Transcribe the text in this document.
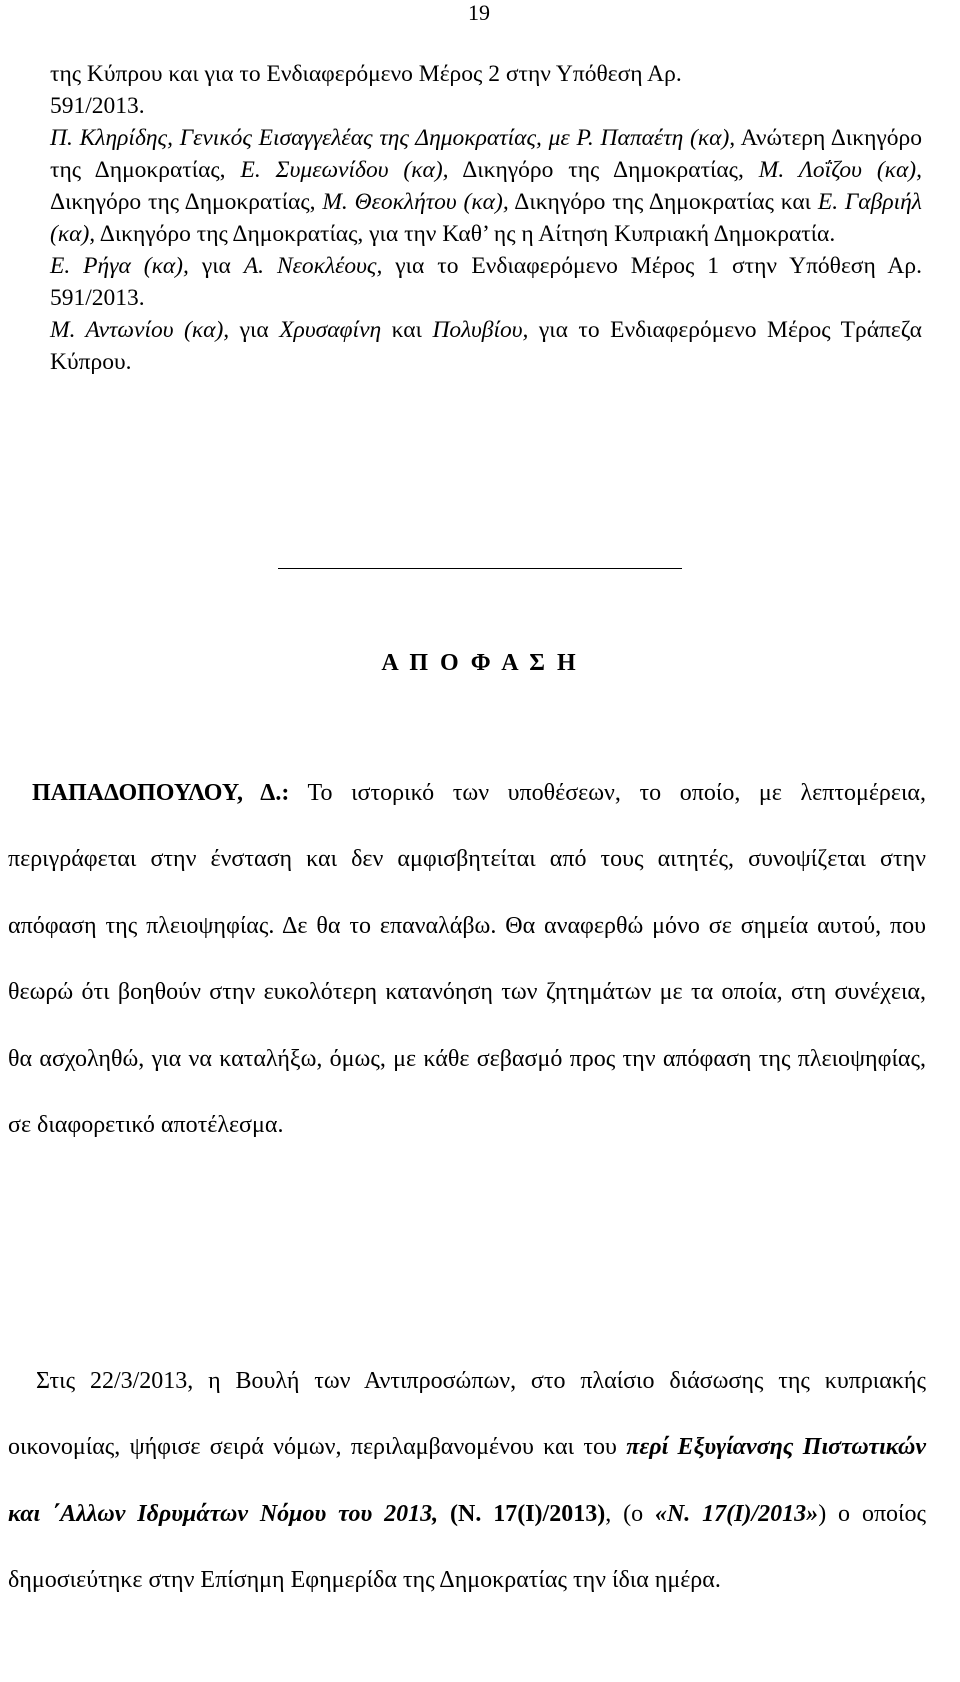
19

της Κύπρου και για το Ενδιαφερόμενο Μέρος 2 στην Υπόθεση Αρ.
591/2013.

Π. Κληρίδης, Γενικός Εισαγγελέας της Δημοκρατίας, με Ρ. Παπαέτη (κα), Ανώτερη Δικηγόρο της Δημοκρατίας, Ε. Συμεωνίδου (κα), Δικηγόρο της Δημοκρατίας, Μ. Λοΐζου (κα), Δικηγόρο της Δημοκρατίας, Μ. Θεοκλήτου (κα), Δικηγόρο της Δημοκρατίας και Ε. Γαβριήλ (κα), Δικηγόρο της Δημοκρατίας, για την Καθ’ ης η Αίτηση Κυπριακή Δημοκρατία.

Ε. Ρήγα (κα), για Α. Νεοκλέους, για το Ενδιαφερόμενο Μέρος 1 στην Υπόθεση Αρ. 591/2013.

Μ. Αντωνίου (κα), για Χρυσαφίνη και Πολυβίου, για το Ενδιαφερόμενο Μέρος Τράπεζα Κύπρου.

Α Π Ο Φ Α Σ Η

ΠΑΠΑΔΟΠΟΥΛΟΥ, Δ.: Το ιστορικό των υποθέσεων, το οποίο, με λεπτομέρεια, περιγράφεται στην ένσταση και δεν αμφισβητείται από τους αιτητές, συνοψίζεται στην απόφαση της πλειοψηφίας. Δε θα το επαναλάβω. Θα αναφερθώ μόνο σε σημεία αυτού, που θεωρώ ότι βοηθούν στην ευκολότερη κατανόηση των ζητημάτων με τα οποία, στη συνέχεια, θα ασχοληθώ, για να καταλήξω, όμως, με κάθε σεβασμό προς την απόφαση της πλειοψηφίας, σε διαφορετικό αποτέλεσμα.

Στις 22/3/2013, η Βουλή των Αντιπροσώπων, στο πλαίσιο διάσωσης της κυπριακής οικονομίας, ψήφισε σειρά νόμων, περιλαμβανομένου και του περί Εξυγίανσης Πιστωτικών και ΄Αλλων Ιδρυμάτων Νόμου του 2013, (Ν. 17(Ι)/2013), (ο «Ν. 17(Ι)/2013») ο οποίος δημοσιεύτηκε στην Επίσημη Εφημερίδα της Δημοκρατίας την ίδια ημέρα.
